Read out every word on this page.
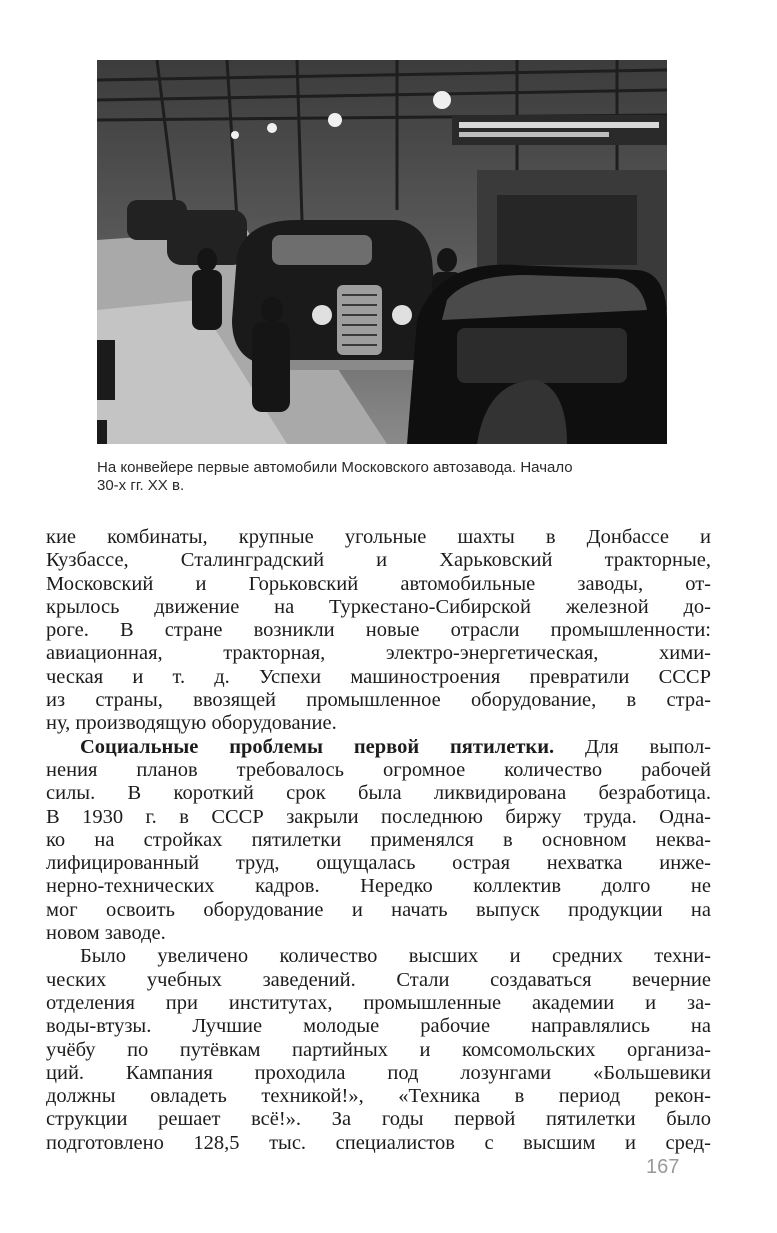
На конвейере первые автомобили Московского автозавода. Начало
30-х гг. XX в.
кие комбинаты, крупные угольные шахты в Донбассе и
Кузбассе, Сталинградский и Харьковский тракторные,
Московский и Горьковский автомобильные заводы, от-
крылось движение на Туркестано-Сибирской железной до-
роге. В стране возникли новые отрасли промышленности:
авиационная, тракторная, электро-энергетическая, хими-
ческая и т. д. Успехи машиностроения превратили СССР
из страны, ввозящей промышленное оборудование, в стра-
ну, производящую оборудование.
Социальные проблемы первой пятилетки. Для выпол-
нения планов требовалось огромное количество рабочей
силы. В короткий срок была ликвидирована безработица.
В 1930 г. в СССР закрыли последнюю биржу труда. Одна-
ко на стройках пятилетки применялся в основном неква-
лифицированный труд, ощущалась острая нехватка инже-
нерно-технических кадров. Нередко коллектив долго не
мог освоить оборудование и начать выпуск продукции на
новом заводе.
Было увеличено количество высших и средних техни-
ческих учебных заведений. Стали создаваться вечерние
отделения при институтах, промышленные академии и за-
воды-втузы. Лучшие молодые рабочие направлялись на
учёбу по путёвкам партийных и комсомольских организа-
ций. Кампания проходила под лозунгами «Большевики
должны овладеть техникой!», «Техника в период рекон-
струкции решает всё!». За годы первой пятилетки было
подготовлено 128,5 тыс. специалистов с высшим и сред-
167
